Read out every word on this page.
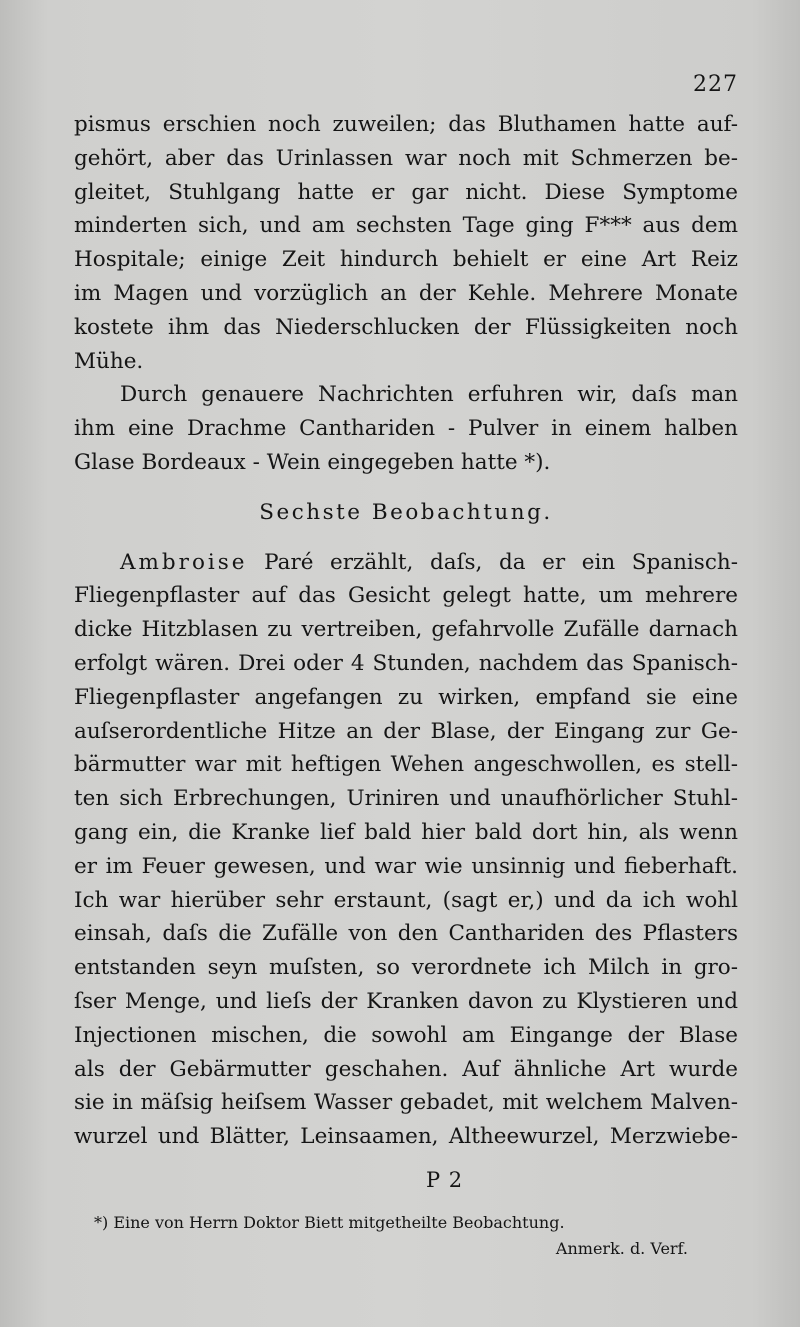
227
pismus erschien noch zuweilen; das Bluthamen hatte auf-
gehört, aber das Urinlassen war noch mit Schmerzen be-
gleitet, Stuhlgang hatte er gar nicht. Diese Symptome
minderten sich, und am sechsten Tage ging F*** aus dem
Hospitale; einige Zeit hindurch behielt er eine Art Reiz
im Magen und vorzüglich an der Kehle. Mehrere Monate
kostete ihm das Niederschlucken der Flüssigkeiten noch
Mühe.
Durch genauere Nachrichten erfuhren wir, daſs man
ihm eine Drachme Canthariden - Pulver in einem halben
Glase Bordeaux - Wein eingegeben hatte *).
Sechste Beobachtung.
Ambroise Paré erzählt, daſs, da er ein Spanisch-
Fliegenpflaster auf das Gesicht gelegt hatte, um mehrere
dicke Hitzblasen zu vertreiben, gefahrvolle Zufälle darnach
erfolgt wären. Drei oder 4 Stunden, nachdem das Spanisch-
Fliegenpflaster angefangen zu wirken, empfand sie eine
auſserordentliche Hitze an der Blase, der Eingang zur Ge-
bärmutter war mit heftigen Wehen angeschwollen, es stell-
ten sich Erbrechungen, Uriniren und unaufhörlicher Stuhl-
gang ein, die Kranke lief bald hier bald dort hin, als wenn
er im Feuer gewesen, und war wie unsinnig und fieberhaft.
Ich war hierüber sehr erstaunt, (sagt er,) und da ich wohl
einsah, daſs die Zufälle von den Canthariden des Pflasters
entstanden seyn muſsten, so verordnete ich Milch in gro-
ſser Menge, und lieſs der Kranken davon zu Klystieren und
Injectionen mischen, die sowohl am Eingange der Blase
als der Gebärmutter geschahen. Auf ähnliche Art wurde
sie in mäſsig heiſsem Wasser gebadet, mit welchem Malven-
wurzel und Blätter, Leinsaamen, Altheewurzel, Merzwiebe-
P 2
*) Eine von Herrn Doktor Biett mitgetheilte Beobachtung.
Anmerk. d. Verf.
